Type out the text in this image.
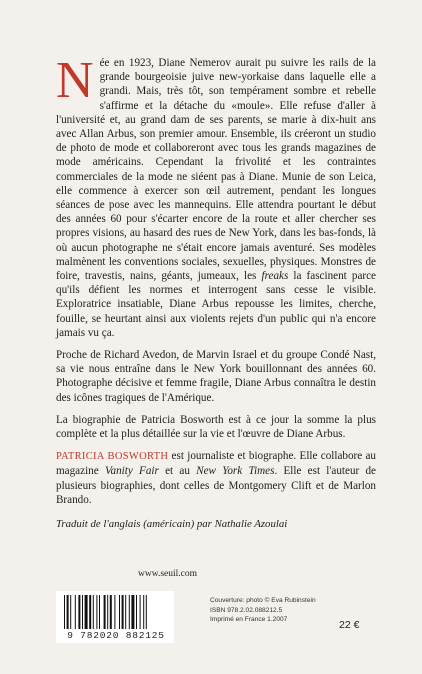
Née en 1923, Diane Nemerov aurait pu suivre les rails de la grande bourgeoisie juive new-yorkaise dans laquelle elle a grandi. Mais, très tôt, son tempérament sombre et rebelle s'affirme et la détache du «moule». Elle refuse d'aller à l'université et, au grand dam de ses parents, se marie à dix-huit ans avec Allan Arbus, son premier amour. Ensemble, ils créeront un studio de photo de mode et collaboreront avec tous les grands magazines de mode américains. Cependant la frivolité et les contraintes commerciales de la mode ne siéent pas à Diane. Munie de son Leica, elle commence à exercer son œil autrement, pendant les longues séances de pose avec les mannequins. Elle attendra pourtant le début des années 60 pour s'écarter encore de la route et aller chercher ses propres visions, au hasard des rues de New York, dans les bas-fonds, là où aucun photographe ne s'était encore jamais aventuré. Ses modèles malmènent les conventions sociales, sexuelles, physiques. Monstres de foire, travestis, nains, géants, jumeaux, les freaks la fascinent parce qu'ils défient les normes et interrogent sans cesse le visible. Exploratrice insatiable, Diane Arbus repousse les limites, cherche, fouille, se heurtant ainsi aux violents rejets d'un public qui n'a encore jamais vu ça.

Proche de Richard Avedon, de Marvin Israel et du groupe Condé Nast, sa vie nous entraîne dans le New York bouillonnant des années 60. Photographe décisive et femme fragile, Diane Arbus connaîtra le destin des icônes tragiques de l'Amérique.

La biographie de Patricia Bosworth est à ce jour la somme la plus complète et la plus détaillée sur la vie et l'œuvre de Diane Arbus.

PATRICIA BOSWORTH est journaliste et biographe. Elle collabore au magazine Vanity Fair et au New York Times. Elle est l'auteur de plusieurs biographies, dont celles de Montgomery Clift et de Marlon Brando.

Traduit de l'anglais (américain) par Nathalie Azoulai

www.seuil.com
9 782020 882125
Couverture: photo © Eva Rubinstein
ISBN 978.2.02.088212.5
Imprimé en France 1.2007	22 €
